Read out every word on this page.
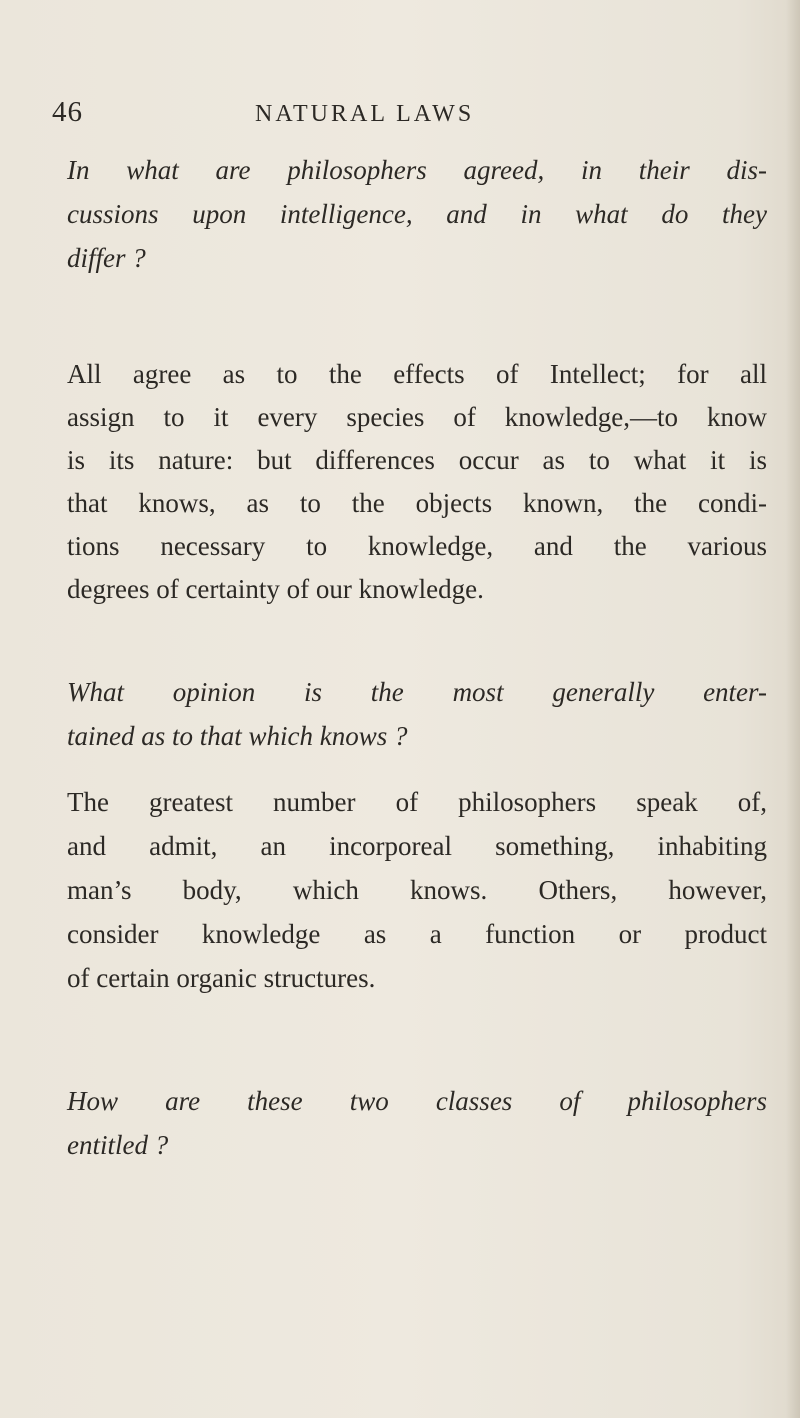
46	NATURAL LAWS

In what are philosophers agreed, in their dis-
cussions upon intelligence, and in what do they
differ ?

All agree as to the effects of Intellect; for all
assign to it every species of knowledge,—to know
is its nature: but differences occur as to what it is
that knows, as to the objects known, the condi-
tions necessary to knowledge, and the various
degrees of certainty of our knowledge.

What opinion is the most generally enter-
tained as to that which knows ?

The greatest number of philosophers speak of,
and admit, an incorporeal something, inhabiting
man’s body, which knows. Others, however,
consider knowledge as a function or product
of certain organic structures.

How are these two classes of philosophers
entitled ?
